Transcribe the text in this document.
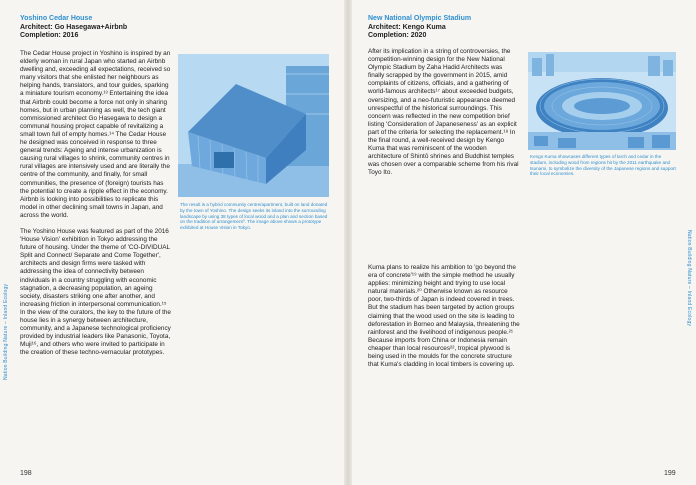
Yoshino Cedar House
Architect: Go Hasegawa+Airbnb
Completion: 2016

The Cedar House project in Yoshino is inspired by an elderly woman in rural Japan who started an Airbnb dwelling and, exceeding all expectations, received so many visitors that she enlisted her neighbours as helping hands, translators, and tour guides, sparking a miniature tourism economy.¹³ Entertaining the idea that Airbnb could become a force not only in sharing homes, but in urban planning as well, the tech giant commissioned architect Go Hasegawa to design a communal housing project capable of revitalizing a small town full of empty homes.¹⁴ The Cedar House he designed was conceived in response to three general trends: Ageing and intense urbanization is causing rural villages to shrink, community centres in rural villages are intensively used and are literally the centre of the community, and finally, for small communities, the presence of (foreign) tourists has the potential to create a ripple effect in the economy. Airbnb is looking into possibilities to replicate this model in other declining small towns in Japan, and across the world.

The Yoshino House was featured as part of the 2016 'House Vision' exhibition in Tokyo addressing the future of housing. Under the theme of 'CO-DIVIDUAL Split and Connect/ Separate and Come Together', architects and design firms were tasked with addressing the idea of connectivity between individuals in a country struggling with economic stagnation, a decreasing population, an ageing society, disasters striking one after another, and increasing friction in interpersonal communication.¹⁵ In the view of the curators, the key to the future of the house lies in a synergy between architecture, community, and a Japanese technological proficiency provided by industrial leaders like Panasonic, Toyota, Muji¹⁶, and others who were invited to participate in the creation of these techno-vernacular prototypes.

The result is a hybrid community centre/apartment, built on land donated by the town of Yoshino. The design seeks its inland into the surrounding landscape by using 38 types of local wood and a plan and section based on the tradition of arrangement⁰. The image above shows a prototype exhibited at House Vision in Tokyo.
Nation Building Nature – Inland Ecology
198
New National Olympic Stadium
Architect: Kengo Kuma
Completion: 2020

After its implication in a string of controversies, the competition-winning design for the New National Olympic Stadium by Zaha Hadid Architects was finally scrapped by the government in 2015, amid complaints of citizens, officials, and a gathering of world-famous architects¹⁷ about exceeded budgets, oversizing, and a neo-futuristic appearance deemed unrespectful of the historical surroundings. This concern was reflected in the new competition brief listing 'Consideration of Japaneseness' as an explicit part of the criteria for selecting the replacement.¹⁸ In the final round, a well-received design by Kengo Kuma that was reminiscent of the wooden architecture of Shintō shrines and Buddhist temples was chosen over a comparable scheme from his rival Toyo Ito.

Kuma plans to realize his ambition to 'go beyond the era of concrete'¹⁹ with the simple method he usually applies: minimizing height and trying to use local natural materials.²⁰ Otherwise known as resource poor, two-thirds of Japan is indeed covered in trees. But the stadium has been targeted by action groups claiming that the wood used on the site is leading to deforestation in Borneo and Malaysia, threatening the rainforest and the livelihood of indigenous people.²¹ Because imports from China or Indonesia remain cheaper than local resources²², tropical plywood is being used in the moulds for the concrete structure that Kuma's cladding in local timbers is covering up.

Kengo Kuma showcases different types of larch and cedar in the stadium, including wood from regions hit by the 2011 earthquake and tsunami, to symbolize the diversity of the Japanese regions and support their local economies.
Nation Building Nature – Inland Ecology
199
